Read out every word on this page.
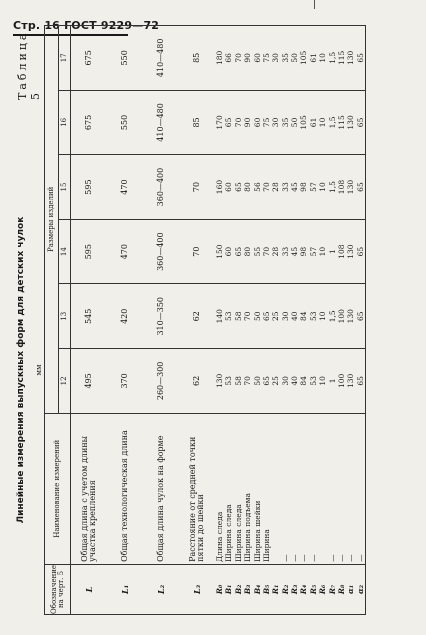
Стр. 16 ГОСТ 9229—72
Таблица 5
Линейные измерения выпускных форм для детских чулок мм
Обозначение на черт. 5	Наименование измерений	Размеры изделий					
		12	13	14	15	16	17
L	Общая длина с учетом длины участка крепления	495	545	595	595	675	675
L₁	Общая технологическая длина	370	420	470	470	550	550
L₂	Общая длина чулок на форме	260—300	310—350	360—400	360—400	410—480	410—480
L₃	Расстояние от средней точки пятки до шейки	62	62	70	70	85	85
R₀	Длина следа	130	140	150	160	170	180
B₁	Ширина следа	53	53	60	60	65	66
B₂	Ширина следа	58	58	65	65	70	70
B₃	Ширина подъема	70	70	80	80	90	90
B₄	Ширина шейки	50	50	55	56	60	60
B₅	Ширина	65	65	70	70	75	75
R₁		25	25	28	28	30	30
R₂	—	30	30	33	33	35	35
R₃	—	40	40	45	45	50	50
R₄	—	84	84	98	98	105	105
R₅	—	53	53	57	57	61	61
R₆		10	10	10	10	10	10
R₇	—	1	1,5	1	1,5	1,5	1,5
R₈	—	100	100	108	108	115	115
α₁	—	130	130	130	130	130	130
α₂	—	65	65	65	65	65	65
